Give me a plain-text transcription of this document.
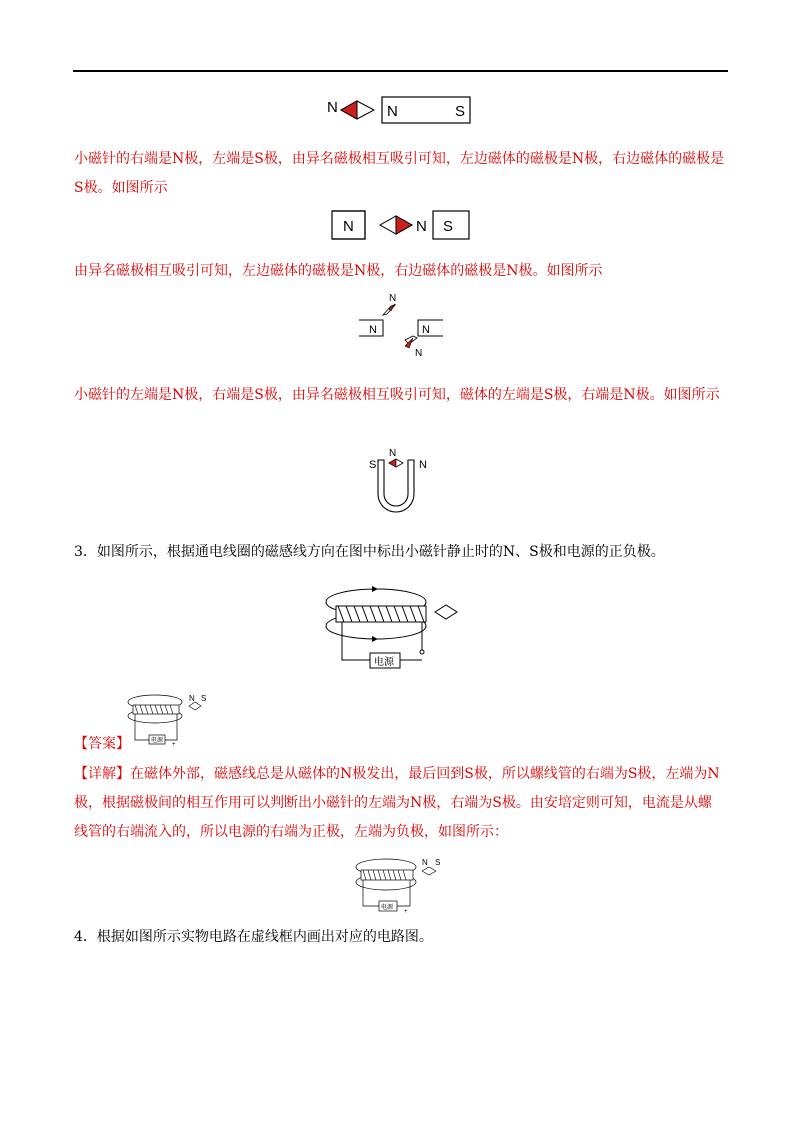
N	N	S
小磁针的右端是N极，左端是S极，由异名磁极相互吸引可知，左边磁体的磁极是N极，右边磁体的磁极是S极。如图所示
N	N S
由异名磁极相互吸引可知，左边磁体的磁极是N极，右边磁体的磁极是N极。如图所示
N
N	N
N
小磁针的左端是N极，右端是S极，由异名磁极相互吸引可知，磁体的左端是S极，右端是N极。如图所示
N
S	N
3．如图所示，根据通电线圈的磁感线方向在图中标出小磁针静止时的N、S极和电源的正负极。
电源
N S
电源
+
【答案】
【详解】在磁体外部，磁感线总是从磁体的N极发出，最后回到S极，所以螺线管的右端为S极，左端为N极，根据磁极间的相互作用可以判断出小磁针的左端为N极，右端为S极。由安培定则可知，电流是从螺线管的右端流入的，所以电源的右端为正极，左端为负极，如图所示：
N S
电源
+
4．根据如图所示实物电路在虚线框内画出对应的电路图。
